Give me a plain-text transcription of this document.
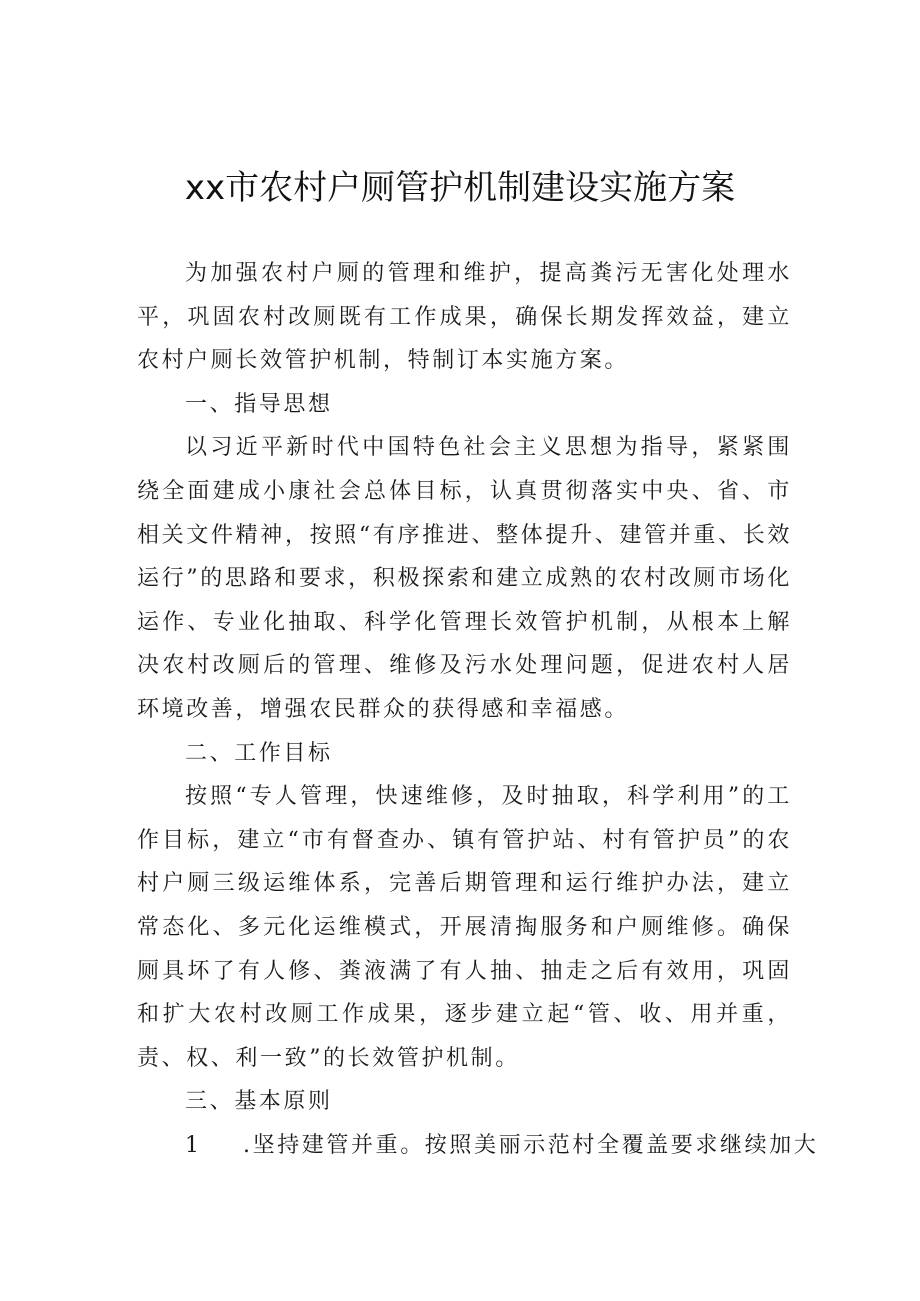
xx市农村户厕管护机制建设实施方案

为加强农村户厕的管理和维护，提高粪污无害化处理水平，巩固农村改厕既有工作成果，确保长期发挥效益，建立农村户厕长效管护机制，特制订本实施方案。

一、指导思想

以习近平新时代中国特色社会主义思想为指导，紧紧围绕全面建成小康社会总体目标，认真贯彻落实中央、省、市相关文件精神，按照“有序推进、整体提升、建管并重、长效运行”的思路和要求，积极探索和建立成熟的农村改厕市场化运作、专业化抽取、科学化管理长效管护机制，从根本上解决农村改厕后的管理、维修及污水处理问题，促进农村人居环境改善，增强农民群众的获得感和幸福感。

二、工作目标

按照“专人管理，快速维修，及时抽取，科学利用”的工作目标，建立“市有督查办、镇有管护站、村有管护员”的农村户厕三级运维体系，完善后期管理和运行维护办法，建立常态化、多元化运维模式，开展清掏服务和户厕维修。确保厕具坏了有人修、粪液满了有人抽、抽走之后有效用，巩固和扩大农村改厕工作成果，逐步建立起“管、收、用并重，责、权、利一致”的长效管护机制。

三、基本原则

1 .坚持建管并重。按照美丽示范村全覆盖要求继续加大
